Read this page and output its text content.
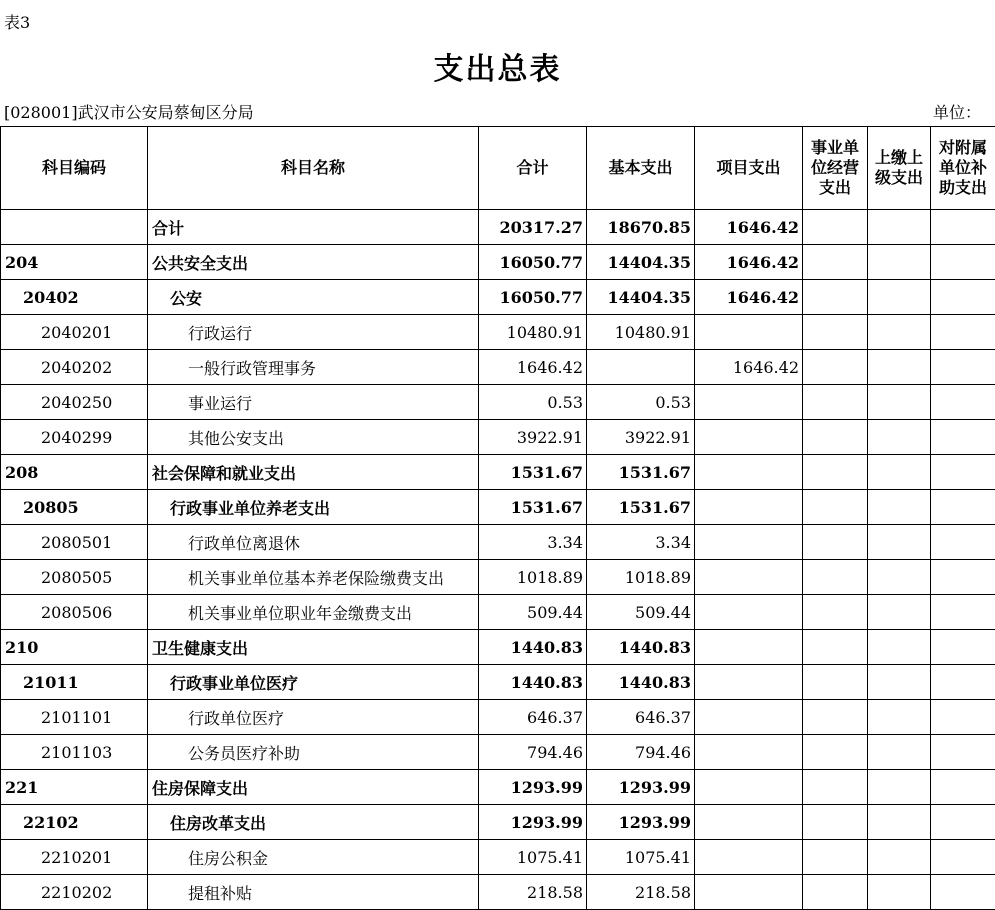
表3
支出总表
[028001]武汉市公安局蔡甸区分局	单位：
科目编码	科目名称	合计	基本支出	项目支出	事业单位经营支出	上缴上级支出	对附属单位补助支出
	合计	20317.27	18670.85	1646.42			
204	公共安全支出	16050.77	14404.35	1646.42			
20402	公安	16050.77	14404.35	1646.42			
2040201	行政运行	10480.91	10480.91				
2040202	一般行政管理事务	1646.42		1646.42			
2040250	事业运行	0.53	0.53				
2040299	其他公安支出	3922.91	3922.91				
208	社会保障和就业支出	1531.67	1531.67				
20805	行政事业单位养老支出	1531.67	1531.67				
2080501	行政单位离退休	3.34	3.34				
2080505	机关事业单位基本养老保险缴费支出	1018.89	1018.89				
2080506	机关事业单位职业年金缴费支出	509.44	509.44				
210	卫生健康支出	1440.83	1440.83				
21011	行政事业单位医疗	1440.83	1440.83				
2101101	行政单位医疗	646.37	646.37				
2101103	公务员医疗补助	794.46	794.46				
221	住房保障支出	1293.99	1293.99				
22102	住房改革支出	1293.99	1293.99				
2210201	住房公积金	1075.41	1075.41				
2210202	提租补贴	218.58	218.58				
